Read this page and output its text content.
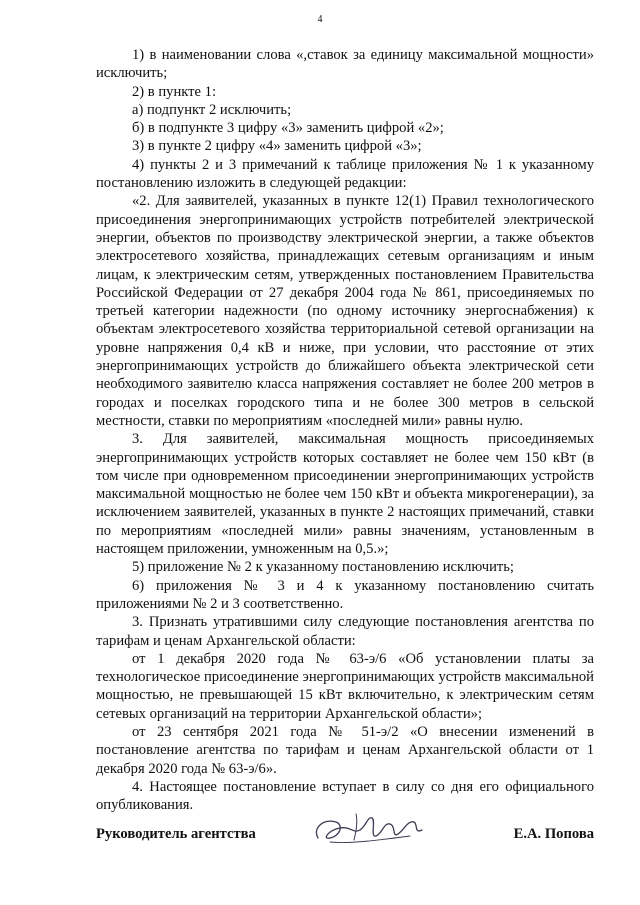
4

1) в наименовании слова «,ставок за единицу максимальной мощности» исключить;

2) в пункте 1:

а) подпункт 2 исключить;

б) в подпункте 3 цифру «3» заменить цифрой «2»;

3) в пункте 2 цифру «4» заменить цифрой «3»;

4) пункты 2 и 3 примечаний к таблице приложения № 1 к указанному постановлению изложить в следующей редакции:

«2. Для заявителей, указанных в пункте 12(1) Правил технологического присоединения энергопринимающих устройств потребителей электрической энергии, объектов по производству электрической энергии, а также объектов электросетевого хозяйства, принадлежащих сетевым организациям и иным лицам, к электрическим сетям, утвержденных постановлением Правительства Российской Федерации от 27 декабря 2004 года № 861, присоединяемых по третьей категории надежности (по одному источнику энергоснабжения) к объектам электросетевого хозяйства территориальной сетевой организации на уровне напряжения 0,4 кВ и ниже, при условии, что расстояние от этих энергопринимающих устройств до ближайшего объекта электрической сети необходимого заявителю класса напряжения составляет не более 200 метров в городах и поселках городского типа и не более 300 метров в сельской местности, ставки по мероприятиям «последней мили» равны нулю.

3. Для заявителей, максимальная мощность присоединяемых энергопринимающих устройств которых составляет не более чем 150 кВт (в том числе при одновременном присоединении энергопринимающих устройств максимальной мощностью не более чем 150 кВт и объекта микрогенерации), за исключением заявителей, указанных в пункте 2 настоящих примечаний, ставки по мероприятиям «последней мили» равны значениям, установленным в настоящем приложении, умноженным на 0,5.»;

5) приложение № 2 к указанному постановлению исключить;

6) приложения № 3 и 4 к указанному постановлению считать приложениями № 2 и 3 соответственно.

3. Признать утратившими силу следующие постановления агентства по тарифам и ценам Архангельской области:

от 1 декабря 2020 года № 63-э/6 «Об установлении платы за технологическое присоединение энергопринимающих устройств максимальной мощностью, не превышающей 15 кВт включительно, к электрическим сетям сетевых организаций на территории Архангельской области»;

от 23 сентября 2021 года № 51-э/2 «О внесении изменений в постановление агентства по тарифам и ценам Архангельской области от 1 декабря 2020 года № 63-э/6».

4. Настоящее постановление вступает в силу со дня его официального опубликования.

Руководитель агентства	Е.А. Попова
